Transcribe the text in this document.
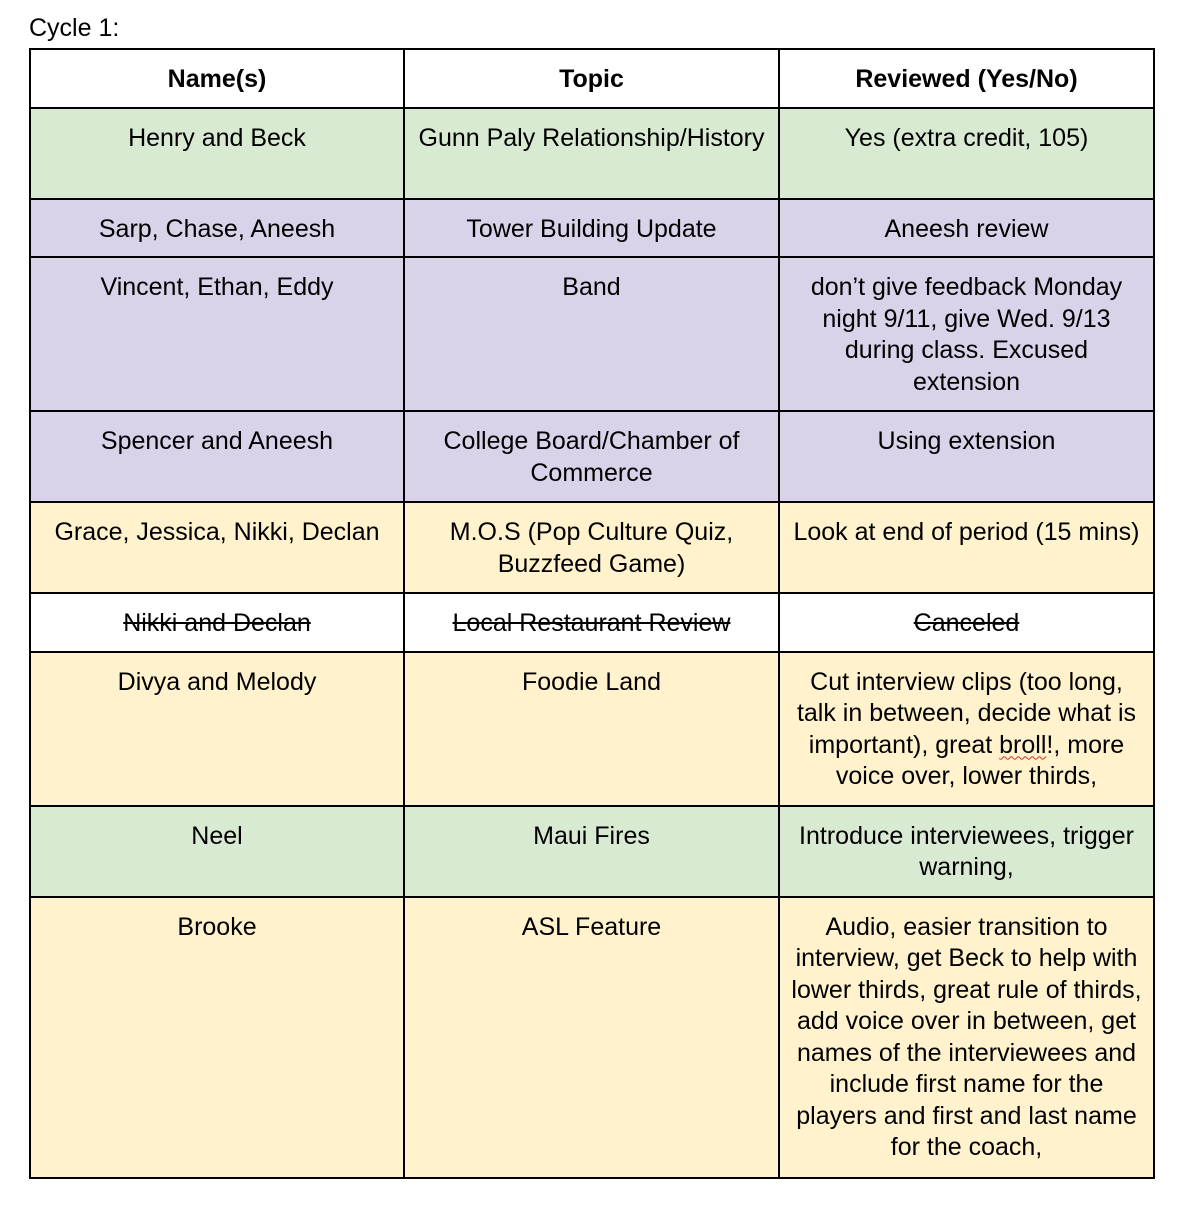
Cycle 1:
Name(s)	Topic	Reviewed (Yes/No)
Henry and Beck	Gunn Paly Relationship/History	Yes (extra credit, 105)
Sarp, Chase, Aneesh	Tower Building Update	Aneesh review
Vincent, Ethan, Eddy	Band	don’t give feedback Monday night 9/11, give Wed. 9/13 during class. Excused extension
Spencer and Aneesh	College Board/Chamber of Commerce	Using extension
Grace, Jessica, Nikki, Declan	M.O.S (Pop Culture Quiz, Buzzfeed Game)	Look at end of period (15 mins)
Nikki and Declan	Local Restaurant Review	Canceled
Divya and Melody	Foodie Land	Cut interview clips (too long, talk in between, decide what is important), great broll!, more voice over, lower thirds,
Neel	Maui Fires	Introduce interviewees, trigger warning,
Brooke	ASL Feature	Audio, easier transition to interview, get Beck to help with lower thirds, great rule of thirds, add voice over in between, get names of the interviewees and include first name for the players and first and last name for the coach,
